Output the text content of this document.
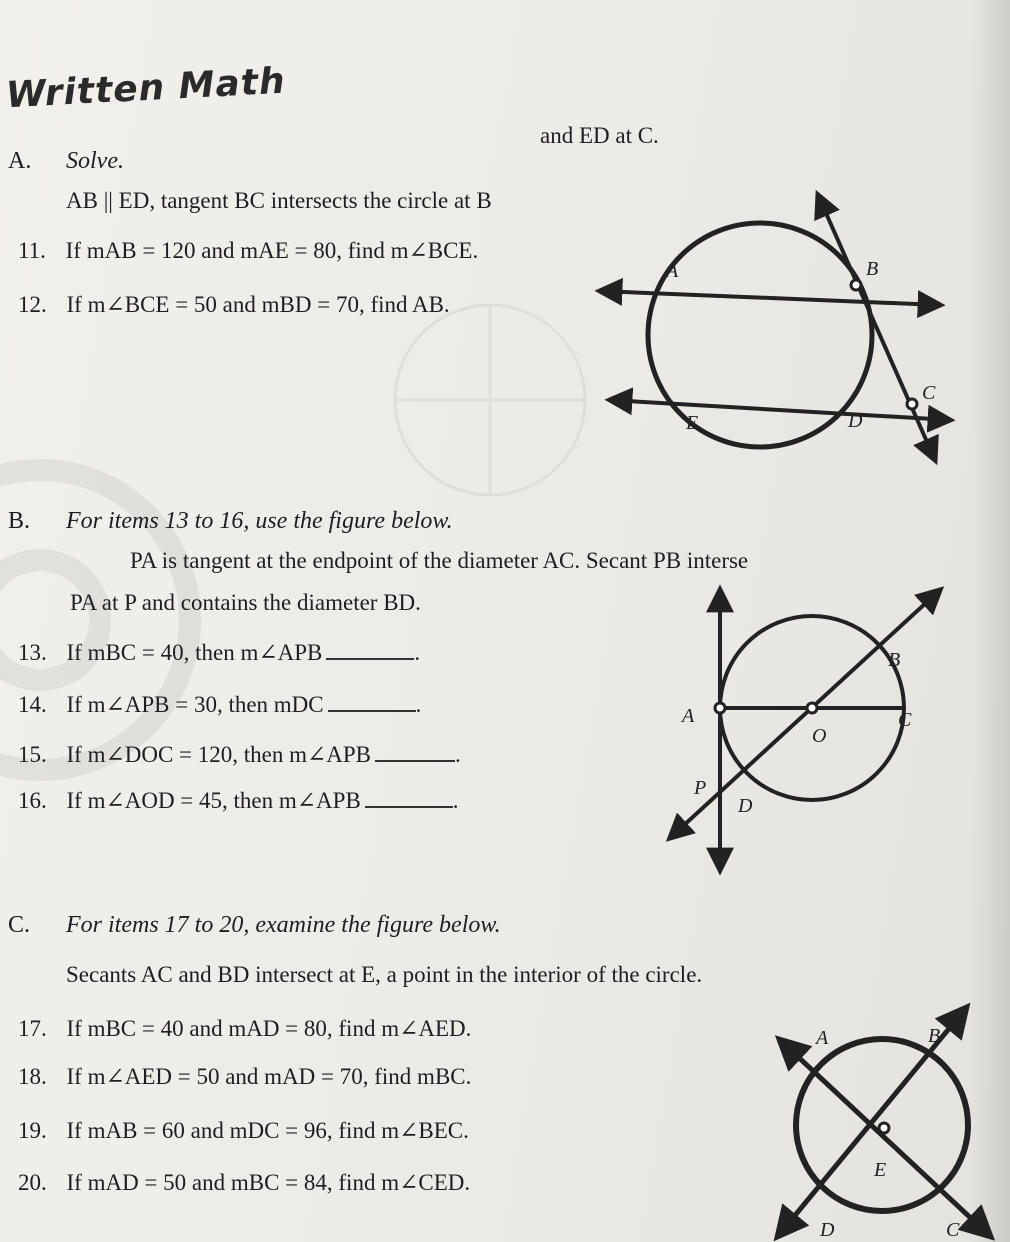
Written Math
A. Solve.
and ED at C.
AB || ED, tangent BC intersects the circle at B
11. If mAB = 120 and mAE = 80, find m∠BCE.
12. If m∠BCE = 50 and mBD = 70, find AB.
A	B
C
D
E
B. For items 13 to 16, use the figure below.
PA is tangent at the endpoint of the diameter AC. Secant PB interse
PA at P and contains the diameter BD.
13. If mBC = 40, then m∠APB	.
14. If m∠APB = 30, then mDC	.
15. If m∠DOC = 120, then m∠APB	.
16. If m∠AOD = 45, then m∠APB	.
A
B
C
O
P
D
C. For items 17 to 20, examine the figure below.
Secants AC and BD intersect at E, a point in the interior of the circle.
17. If mBC = 40 and mAD = 80, find m∠AED.
18. If m∠AED = 50 and mAD = 70, find mBC.
19. If mAB = 60 and mDC = 96, find m∠BEC.
20. If mAD = 50 and mBC = 84, find m∠CED.
A	B
E
D	C
